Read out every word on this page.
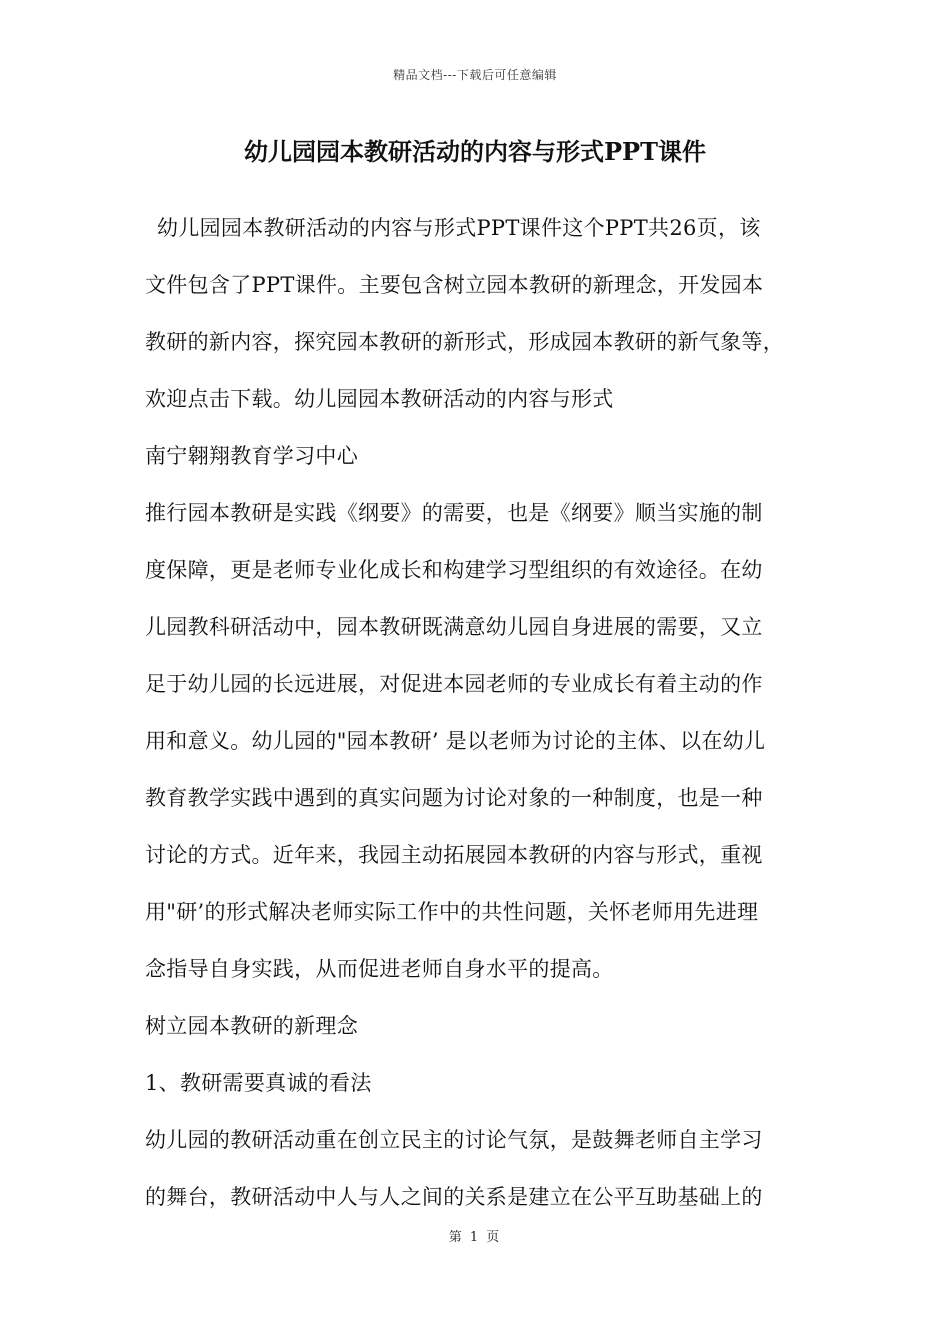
精品文档---下载后可任意编辑
幼儿园园本教研活动的内容与形式PPT课件
幼儿园园本教研活动的内容与形式PPT课件这个PPT共26页，该
文件包含了PPT课件。主要包含树立园本教研的新理念，开发园本
教研的新内容，探究园本教研的新形式，形成园本教研的新气象等，
欢迎点击下载。幼儿园园本教研活动的内容与形式
南宁翱翔教育学习中心
推行园本教研是实践《纲要》的需要，也是《纲要》顺当实施的制
度保障，更是老师专业化成长和构建学习型组织的有效途径。在幼
儿园教科研活动中，园本教研既满意幼儿园自身进展的需要，又立
足于幼儿园的长远进展，对促进本园老师的专业成长有着主动的作
用和意义。幼儿园的"园本教研’ 是以老师为讨论的主体、以在幼儿
教育教学实践中遇到的真实问题为讨论对象的一种制度，也是一种
讨论的方式。近年来，我园主动拓展园本教研的内容与形式，重视
用"研’的形式解决老师实际工作中的共性问题，关怀老师用先进理
念指导自身实践，从而促进老师自身水平的提高。
树立园本教研的新理念
1、教研需要真诚的看法
幼儿园的教研活动重在创立民主的讨论气氛，是鼓舞老师自主学习
的舞台，教研活动中人与人之间的关系是建立在公平互助基础上的
第 1 页
